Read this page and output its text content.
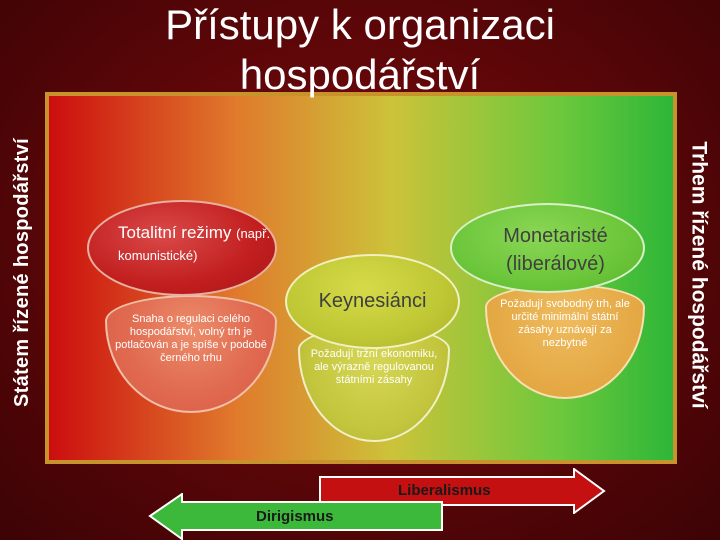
Přístupy k organizaci hospodářství
Státem řízené hospodářství	Trhem řízené hospodářství
Totalitní režimy (např. komunistické)
Snaha o regulaci celého hospodářství, volný trh je potlačován a je spíše v podobě černého trhu
Monetaristé (liberálové)
Požadují svobodný trh, ale určité minimální státní zásahy uznávají za nezbytné
Keynesiánci
Požadují tržní ekonomiku, ale výrazně regulovanou státními zásahy
Liberalismus
Dirigismus
